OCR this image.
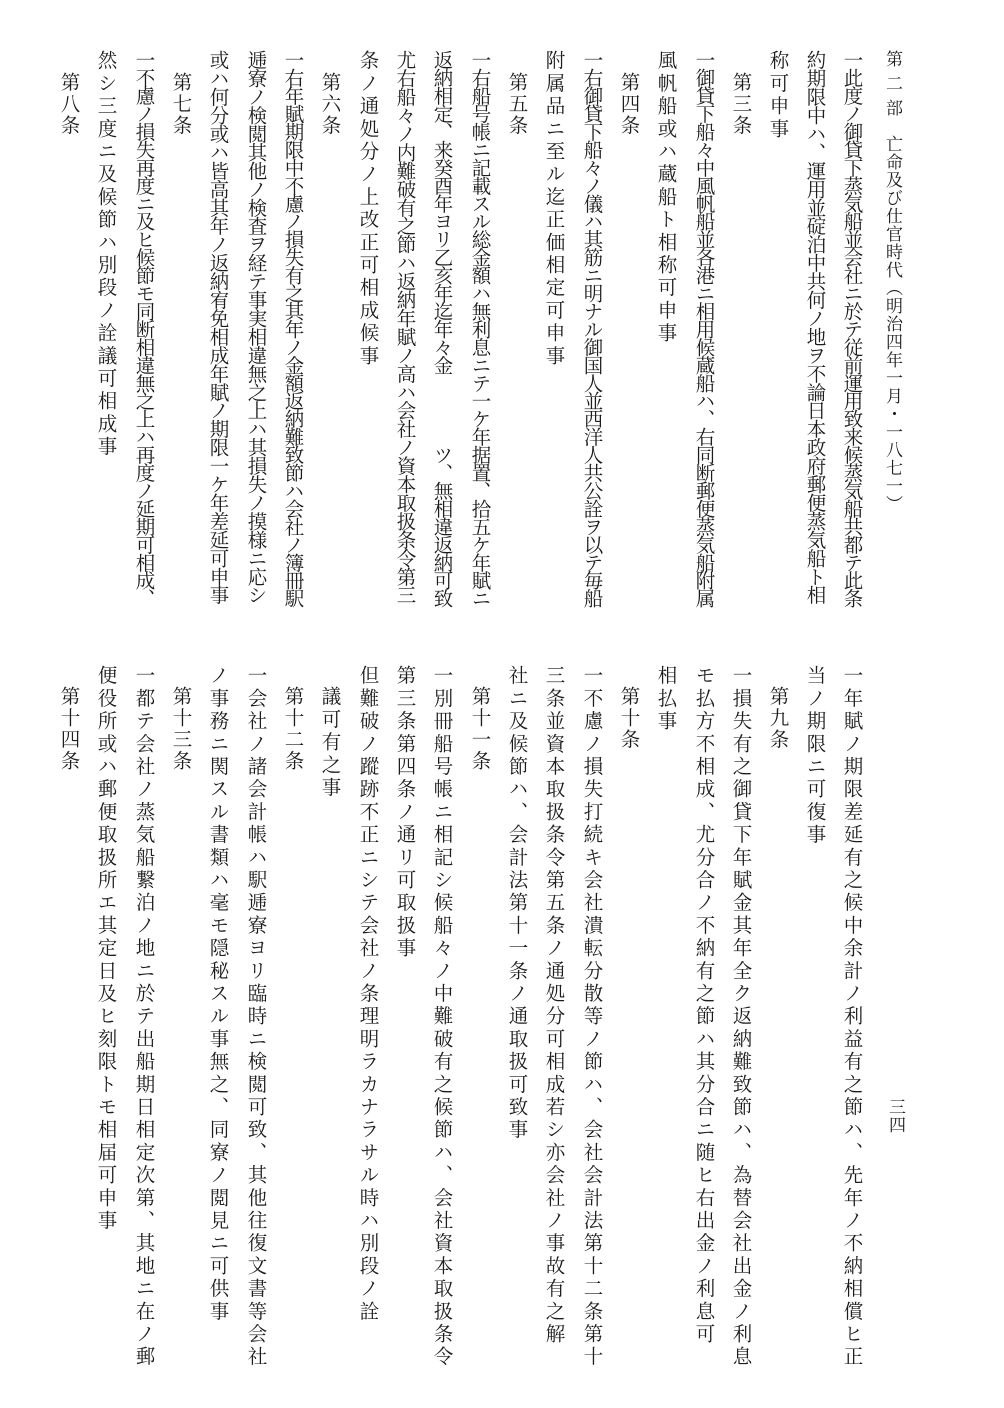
第 二 部　亡命及び仕官時代（明治四年一月・一八七一）
三四
一此度ノ御貸下蒸気船並会社ニ於テ従前運用致来候蒸気船共都テ此条
約期限中ハ、運用並碇泊中共何ノ地ヲ不論日本政府郵便蒸気船ト相
称可申事
第三条
一御貸下船々中風帆船並各港ニ相用候蔵船ハ、右同断郵便蒸気船附属
風帆船或ハ蔵船ト相称可申事
第四条
一右御貸下船々ノ儀ハ其筋ニ明ナル御国人並西洋人共公詮ヲ以テ毎船
附属品ニ至ル迄正価相定可申事
第五条
一右船号帳ニ記載スル総金額ハ無利息ニテ一ケ年据置、拾五ケ年賦ニ
返納相定、来癸酉年ヨリ乙亥年迄年々金　　　　ツ、無相違返納可致
尤右船々ノ内難破有之節ハ返納年賦ノ高ハ会社ノ資本取扱条令第三
条ノ通処分ノ上改正可相成候事
第六条
一右年賦期限中不慮ノ損失有之其年ノ金額返納難致節ハ会社ノ簿冊駅
逓寮ノ検閲其他ノ検査ヲ経テ事実相違無之上ハ其損失ノ摸様ニ応シ
或ハ何分或ハ皆高其年ノ返納宥免相成年賦ノ期限一ケ年差延可申事
第七条
一不慮ノ損失再度ニ及ヒ候節モ同断相違無之上ハ再度ノ延期可相成、
然シ三度ニ及候節ハ別段ノ詮議可相成事
第八条
一年賦ノ期限差延有之候中余計ノ利益有之節ハ、先年ノ不納相償ヒ正
当ノ期限ニ可復事
第九条
一損失有之御貸下年賦金其年全ク返納難致節ハ、為替会社出金ノ利息
モ払方不相成、尤分合ノ不納有之節ハ其分合ニ随ヒ右出金ノ利息可
相払事
第十条
一不慮ノ損失打続キ会社潰転分散等ノ節ハ、会社会計法第十二条第十
三条並資本取扱条令第五条ノ通処分可相成若シ亦会社ノ事故有之解
社ニ及候節ハ、会計法第十一条ノ通取扱可致事
第十一条
一別冊船号帳ニ相記シ候船々ノ中難破有之候節ハ、会社資本取扱条令
第三条第四条ノ通リ可取扱事
但難破ノ蹤跡不正ニシテ会社ノ条理明ラカナラサル時ハ別段ノ詮
議可有之事
第十二条
一会社ノ諸会計帳ハ駅逓寮ヨリ臨時ニ検閲可致、其他往復文書等会社
ノ事務ニ関スル書類ハ毫モ隠秘スル事無之、同寮ノ閲見ニ可供事
第十三条
一都テ会社ノ蒸気船繋泊ノ地ニ於テ出船期日相定次第、其地ニ在ノ郵
便役所或ハ郵便取扱所エ其定日及ヒ刻限トモ相届可申事
第十四条
